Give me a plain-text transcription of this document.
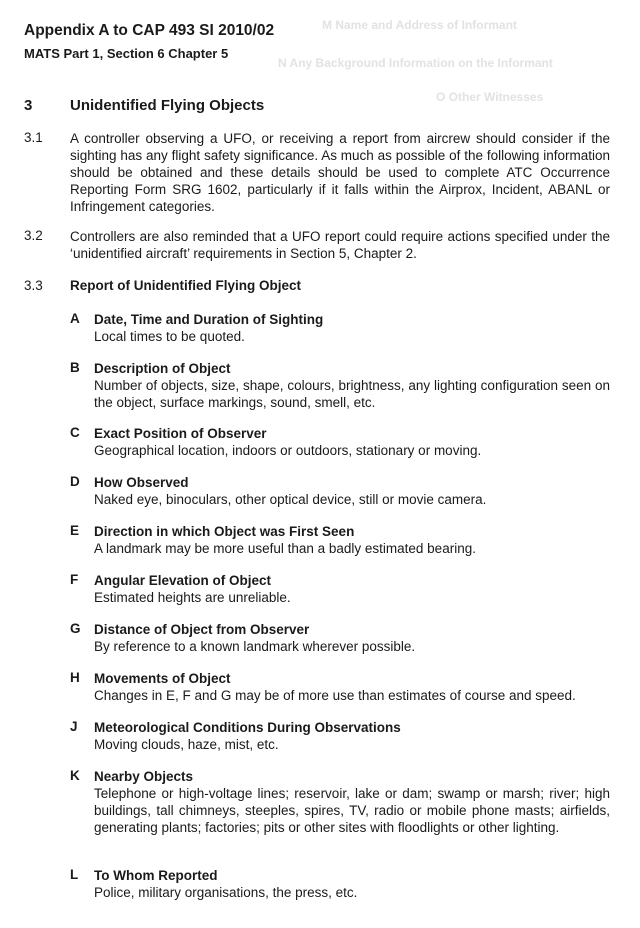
M Name and Address of Informant
N Any Background Information on the Informant
O Other Witnesses
Appendix A to CAP 493 SI 2010/02
MATS Part 1, Section 6 Chapter 5
3	Unidentified Flying Objects
3.1 A controller observing a UFO, or receiving a report from aircrew should consider if the sighting has any flight safety significance. As much as possible of the following information should be obtained and these details should be used to complete ATC Occurrence Reporting Form SRG 1602, particularly if it falls within the Airprox, Incident, ABANL or Infringement categories.
3.2 Controllers are also reminded that a UFO report could require actions specified under the ‘unidentified aircraft’ requirements in Section 5, Chapter 2.
3.3 Report of Unidentified Flying Object
A	Date, Time and Duration of Sighting
Local times to be quoted.
B	Description of Object
Number of objects, size, shape, colours, brightness, any lighting configuration seen on the object, surface markings, sound, smell, etc.
C	Exact Position of Observer
Geographical location, indoors or outdoors, stationary or moving.
D	How Observed
Naked eye, binoculars, other optical device, still or movie camera.
E	Direction in which Object was First Seen
A landmark may be more useful than a badly estimated bearing.
F	Angular Elevation of Object
Estimated heights are unreliable.
G Distance of Object from Observer
By reference to a known landmark wherever possible.
H	Movements of Object
Changes in E, F and G may be of more use than estimates of course and speed.
J	Meteorological Conditions During Observations
Moving clouds, haze, mist, etc.
K	Nearby Objects
Telephone or high-voltage lines; reservoir, lake or dam; swamp or marsh; river; high buildings, tall chimneys, steeples, spires, TV, radio or mobile phone masts; airfields, generating plants; factories; pits or other sites with floodlights or other lighting.
L	To Whom Reported
Police, military organisations, the press, etc.
